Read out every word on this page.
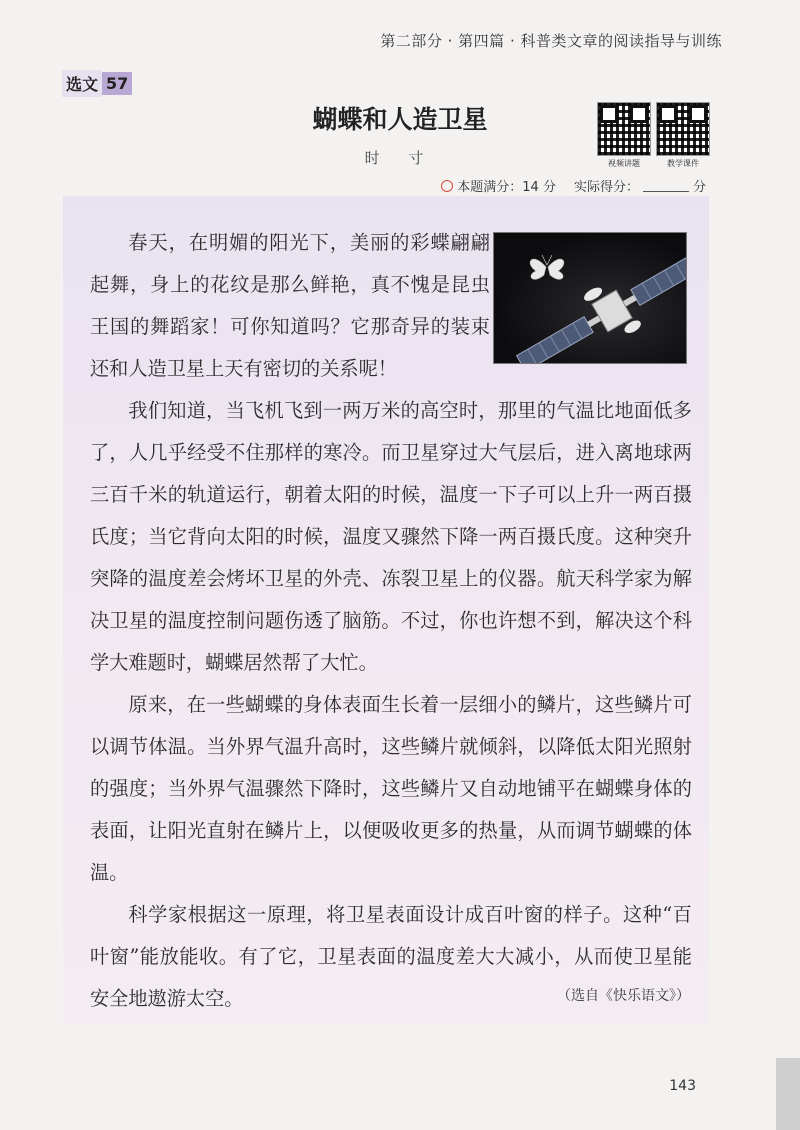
第二部分 · 第四篇 · 科普类文章的阅读指导与训练
选文 57
蝴蝶和人造卫星
时 寸	视频讲题	教学课件
本题满分：14 分 实际得分：	分

春天，在明媚的阳光下，美丽的彩蝶翩翩起舞，身上的花纹是那么鲜艳，真不愧是昆虫王国的舞蹈家！可你知道吗？它那奇异的装束还和人造卫星上天有密切的关系呢！

我们知道，当飞机飞到一两万米的高空时，那里的气温比地面低多了，人几乎经受不住那样的寒冷。而卫星穿过大气层后，进入离地球两三百千米的轨道运行，朝着太阳的时候，温度一下子可以上升一两百摄氏度；当它背向太阳的时候，温度又骤然下降一两百摄氏度。这种突升突降的温度差会烤坏卫星的外壳、冻裂卫星上的仪器。航天科学家为解决卫星的温度控制问题伤透了脑筋。不过，你也许想不到，解决这个科学大难题时，蝴蝶居然帮了大忙。

原来，在一些蝴蝶的身体表面生长着一层细小的鳞片，这些鳞片可以调节体温。当外界气温升高时，这些鳞片就倾斜，以降低太阳光照射的强度；当外界气温骤然下降时，这些鳞片又自动地铺平在蝴蝶身体的表面，让阳光直射在鳞片上，以便吸收更多的热量，从而调节蝴蝶的体温。

科学家根据这一原理，将卫星表面设计成百叶窗的样子。这种“百叶窗”能放能收。有了它，卫星表面的温度差大大减小，从而使卫星能安全地遨游太空。	（选自《快乐语文》）
143
